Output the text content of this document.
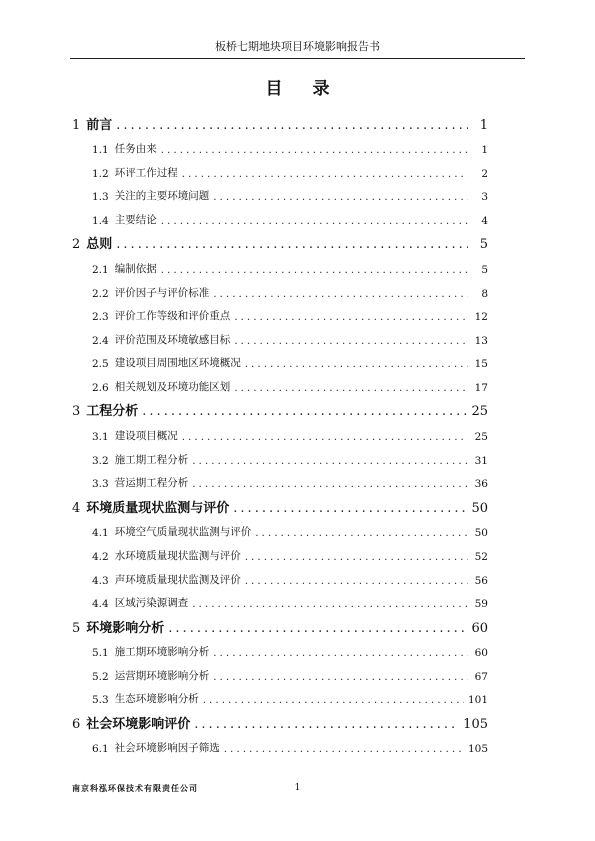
板桥七期地块项目环境影响报告书
目录
1 前言 .....	1
1.1 任务由来 .....	1
1.2 环评工作过程 .....	2
1.3 关注的主要环境问题 .....	3
1.4 主要结论 .....	4
2 总则 .....	5
2.1 编制依据 .....	5
2.2 评价因子与评价标准 .....	8
2.3 评价工作等级和评价重点 .....	12
2.4 评价范围及环境敏感目标 .....	13
2.5 建设项目周围地区环境概况 .....	15
2.6 相关规划及环境功能区划 .....	17
3 工程分析 .....	25
3.1 建设项目概况 .....	25
3.2 施工期工程分析 .....	31
3.3 营运期工程分析 .....	36
4 环境质量现状监测与评价 .....	50
4.1 环境空气质量现状监测与评价 .....	50
4.2 水环境质量现状监测与评价 .....	52
4.3 声环境质量现状监测及评价 .....	56
4.4 区域污染源调查 .....	59
5 环境影响分析 .....	60
5.1 施工期环境影响分析 .....	60
5.2 运营期环境影响分析 .....	67
5.3 生态环境影响分析 .....	101
6 社会环境影响评价 .....	105
6.1 社会环境影响因子筛选 .....	105
南京科泓环保技术有限责任公司	1
